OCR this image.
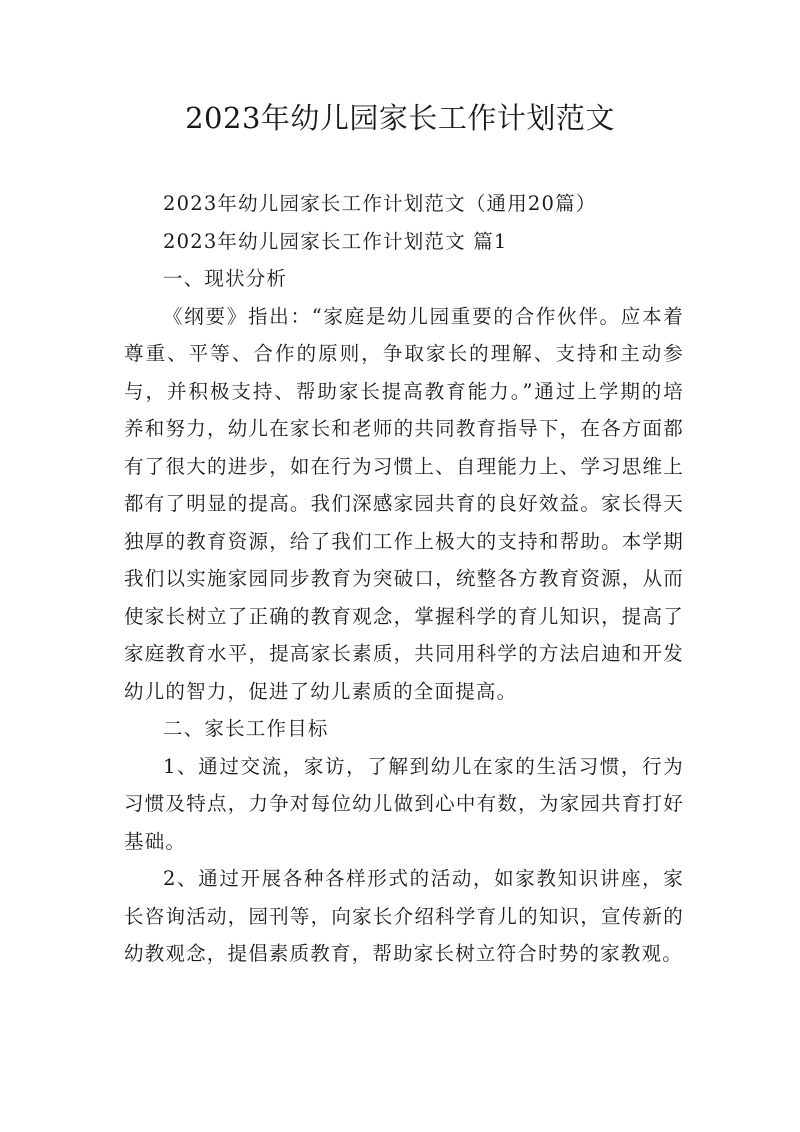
2023年幼儿园家长工作计划范文

2023年幼儿园家长工作计划范文（通用20篇）

2023年幼儿园家长工作计划范文 篇1

一、现状分析

《纲要》指出：“家庭是幼儿园重要的合作伙伴。应本着尊重、平等、合作的原则，争取家长的理解、支持和主动参与，并积极支持、帮助家长提高教育能力。”通过上学期的培养和努力，幼儿在家长和老师的共同教育指导下，在各方面都有了很大的进步，如在行为习惯上、自理能力上、学习思维上都有了明显的提高。我们深感家园共育的良好效益。家长得天独厚的教育资源，给了我们工作上极大的支持和帮助。本学期我们以实施家园同步教育为突破口，统整各方教育资源，从而使家长树立了正确的教育观念，掌握科学的育儿知识，提高了家庭教育水平，提高家长素质，共同用科学的方法启迪和开发幼儿的智力，促进了幼儿素质的全面提高。

二、家长工作目标

1、通过交流，家访，了解到幼儿在家的生活习惯，行为习惯及特点，力争对每位幼儿做到心中有数，为家园共育打好基础。

2、通过开展各种各样形式的活动，如家教知识讲座，家长咨询活动，园刊等，向家长介绍科学育儿的知识，宣传新的幼教观念，提倡素质教育，帮助家长树立符合时势的家教观。
